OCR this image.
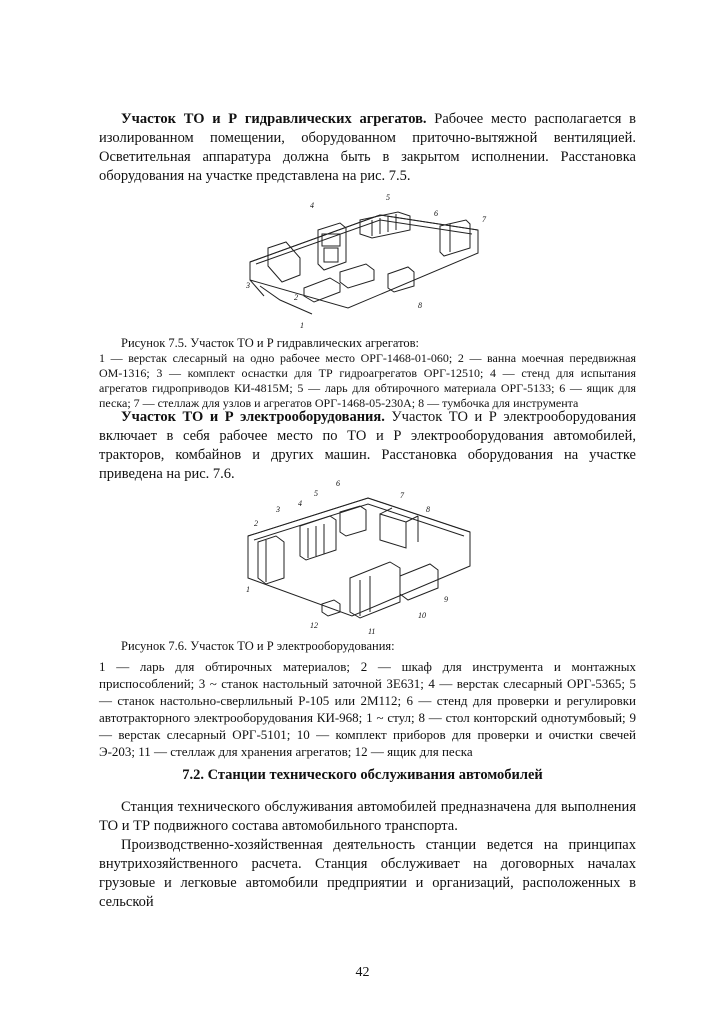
Участок ТО и Р гидравлических агрегатов. Рабочее место располагается в изолированном помещении, оборудованном приточно-вытяжной вентиляцией. Осветительная аппаратура должна быть в закрытом исполнении. Расстановка оборудования на участке представлена на рис. 7.5.

1
2
3
4
5
6
7
8

Рисунок 7.5. Участок ТО и Р гидравлических агрегатов:

1 — верстак слесарный на одно рабочее место ОРГ-1468-01-060; 2 — ванна моечная передвижная ОМ-1316; 3 — комплект оснастки для ТР гидроагрегатов ОРГ-12510; 4 — стенд для испытания агрегатов гидроприводов КИ-4815М; 5 — ларь для обтирочного материала ОРГ-5133; 6 — ящик для песка; 7 — стеллаж для узлов и агрегатов ОРГ-1468-05-230А; 8 — тумбочка для инструмента

Участок ТО и Р электрооборудования. Участок ТО и Р электрооборудования включает в себя рабочее место по ТО и Р электрооборудования автомобилей, тракторов, комбайнов и других машин. Расстановка оборудования на участке приведена на рис. 7.6.

1
2
3
4
5
6
7
8
9
10
11
12

Рисунок 7.6. Участок ТО и Р электрооборудования:

1 — ларь для обтирочных материалов; 2 — шкаф для инструмента и монтажных приспособлений; 3 ~ станок настольный заточной ЗЕ631; 4 — верстак слесарный ОРГ-5365; 5 — станок настольно-сверлильный Р-105 или 2М112; 6 — стенд для проверки и регулировки автотракторного электрооборудования КИ-968; 1 ~ стул; 8 — стол конторский однотумбовый; 9 — верстак слесарный ОРГ-5101; 10 — комплект приборов для проверки и очистки свечей Э-203; 11 — стеллаж для хранения агрегатов; 12 — ящик для песка

7.2. Станции технического обслуживания автомобилей

Станция технического обслуживания автомобилей предназначена для выполнения ТО и ТР подвижного состава автомобильного транспорта.

Производственно-хозяйственная деятельность станции ведется на принципах внутрихозяйственного расчета. Станция обслуживает на договорных началах грузовые и легковые автомобили предприятии и организаций, расположенных в сельской

42
